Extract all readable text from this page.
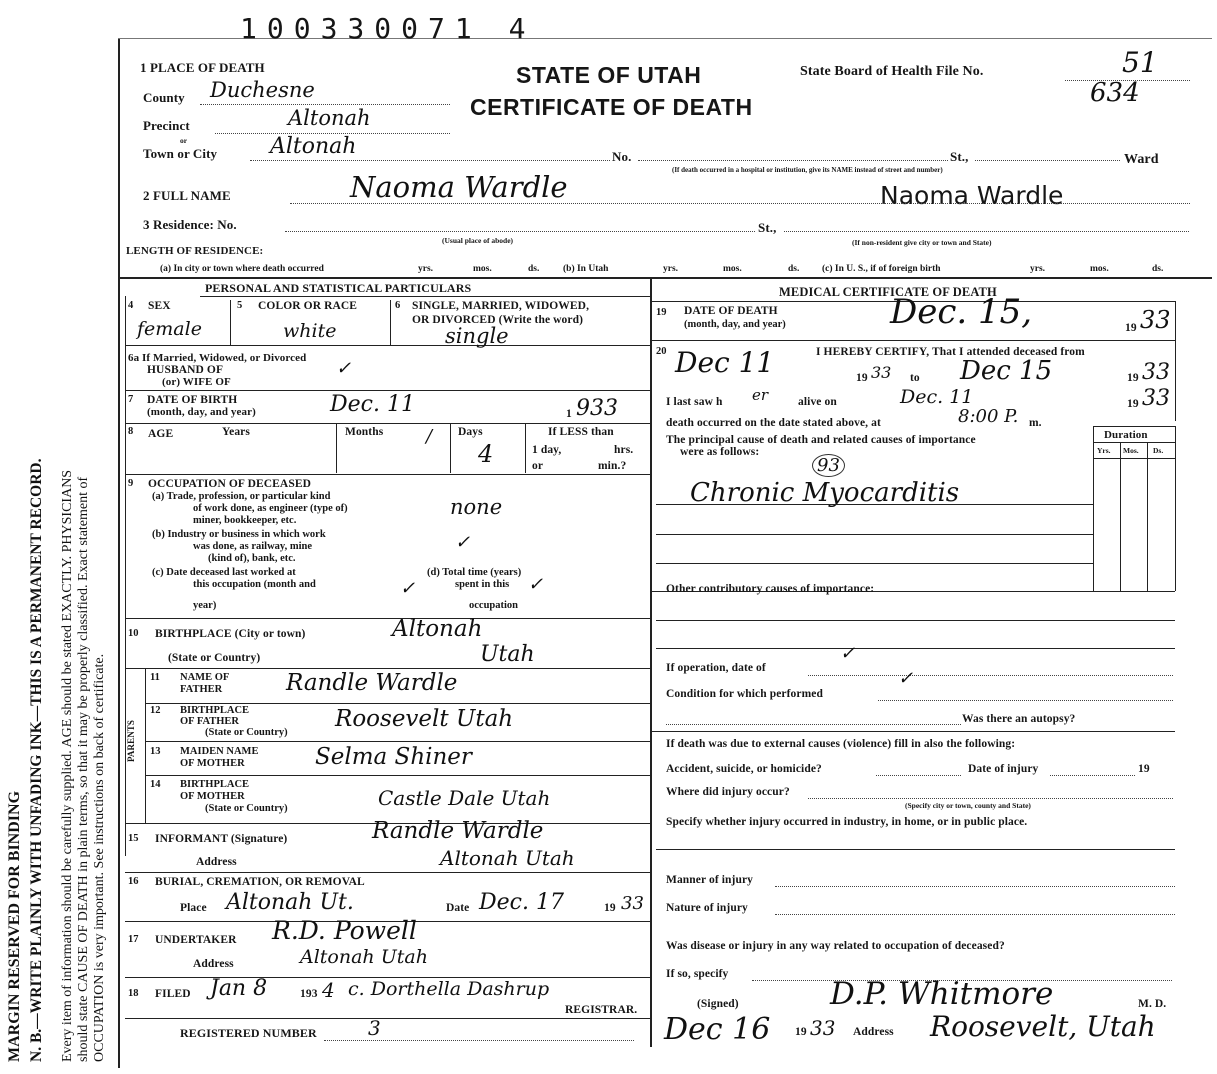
MARGIN RESERVED FOR BINDING N. B.—WRITE PLAINLY WITH UNFADING INK—THIS IS A PERMANENT RECORD. Every item of information should be carefully supplied. AGE should be stated EXACTLY. PHYSICIANS should state CAUSE OF DEATH in plain terms, so that it may be properly classified. Exact statement of OCCUPATION is very important. See instructions on back of certificate.
100330071 4
1 PLACE OF DEATH
County Duchesne
Precinct
or
Altonah
Town or City Altonah	No.	St.,	Ward
(If death occurred in a hospital or institution, give its NAME instead of street and number)
STATE OF UTAH
CERTIFICATE OF DEATH
State Board of Health File No.	51
634
2 FULL NAME	Naoma Wardle	Naoma Wardle
3 Residence: No.	St.,
(Usual place of abode)	(If non-resident give city or town and State)
LENGTH OF RESIDENCE:
(a) In city or town where death occurred	yrs.	mos.	ds. (b) In Utah	yrs.	mos.	ds. (c) In U. S., if of foreign birth	yrs.	mos.	ds.
PERSONAL AND STATISTICAL PARTICULARS	MEDICAL CERTIFICATE OF DEATH
4 SEX
female
5 COLOR OR RACE
white
6 SINGLE, MARRIED, WIDOWED,
OR DIVORCED (Write the word)
single
6a If Married, Widowed, or Divorced
HUSBAND OF
(or) WIFE OF
✓
7 DATE OF BIRTH
(month, day, and year)	Dec. 11	1 933
8 AGE	Years	Months / Days
4
If LESS than
1 day,	hrs.
or	min.?
9 OCCUPATION OF DECEASED
(a) Trade, profession, or particular kind
of work done, as engineer (type of)
miner, bookkeeper, etc.
none
(b) Industry or business in which work
was done, as railway, mine
(kind of), bank, etc.
✓
(c) Date deceased last worked at
this occupation (month and
year)
✓
(d) Total time (years)
spent in this
occupation
✓
10 BIRTHPLACE (City or town)	Altonah
(State or Country)	Utah
PARENTS
11 NAME OF
FATHER	Randle Wardle
12 BIRTHPLACE
OF FATHER
(State or Country)
Roosevelt Utah
13 MAIDEN NAME
OF MOTHER	Selma Shiner
14 BIRTHPLACE
OF MOTHER
(State or Country)	Castle Dale Utah
15 INFORMANT (Signature)	Randle Wardle
Address	Altonah Utah
16 BURIAL, CREMATION, OR REMOVAL
Place Altonah Ut.	Date Dec. 17	19 33
17 UNDERTAKER R.D. Powell
Address	Altonah Utah
18 FILED Jan 8	193 4 c. Dorthella Dashrup
REGISTRAR.
REGISTERED NUMBER	3
19 DATE OF DEATH
(month, day, and year)	Dec. 15,	19 33
20	I HEREBY CERTIFY, That I attended deceased from
Dec 11	19 33 to Dec 15	19 33
I last saw h er	alive on	Dec. 11	19 33
death occurred on the date stated above, at	8:00 P. m.
The principal cause of death and related causes of importance
were as follows:
93
Duration
Yrs. Mos. Ds.
Chronic Myocarditis
Other contributory causes of importance:
If operation, date of
✓
Condition for which performed
✓
Was there an autopsy?
If death was due to external causes (violence) fill in also the following:
Accident, suicide, or homicide?	Date of injury	19
Where did injury occur?
(Specify city or town, county and State)
Specify whether injury occurred in industry, in home, or in public place.
Manner of injury
Nature of injury
Was disease or injury in any way related to occupation of deceased?
If so, specify
(Signed)	D.P. Whitmore	M. D.
Dec 16 19 33 Address Roosevelt, Utah
